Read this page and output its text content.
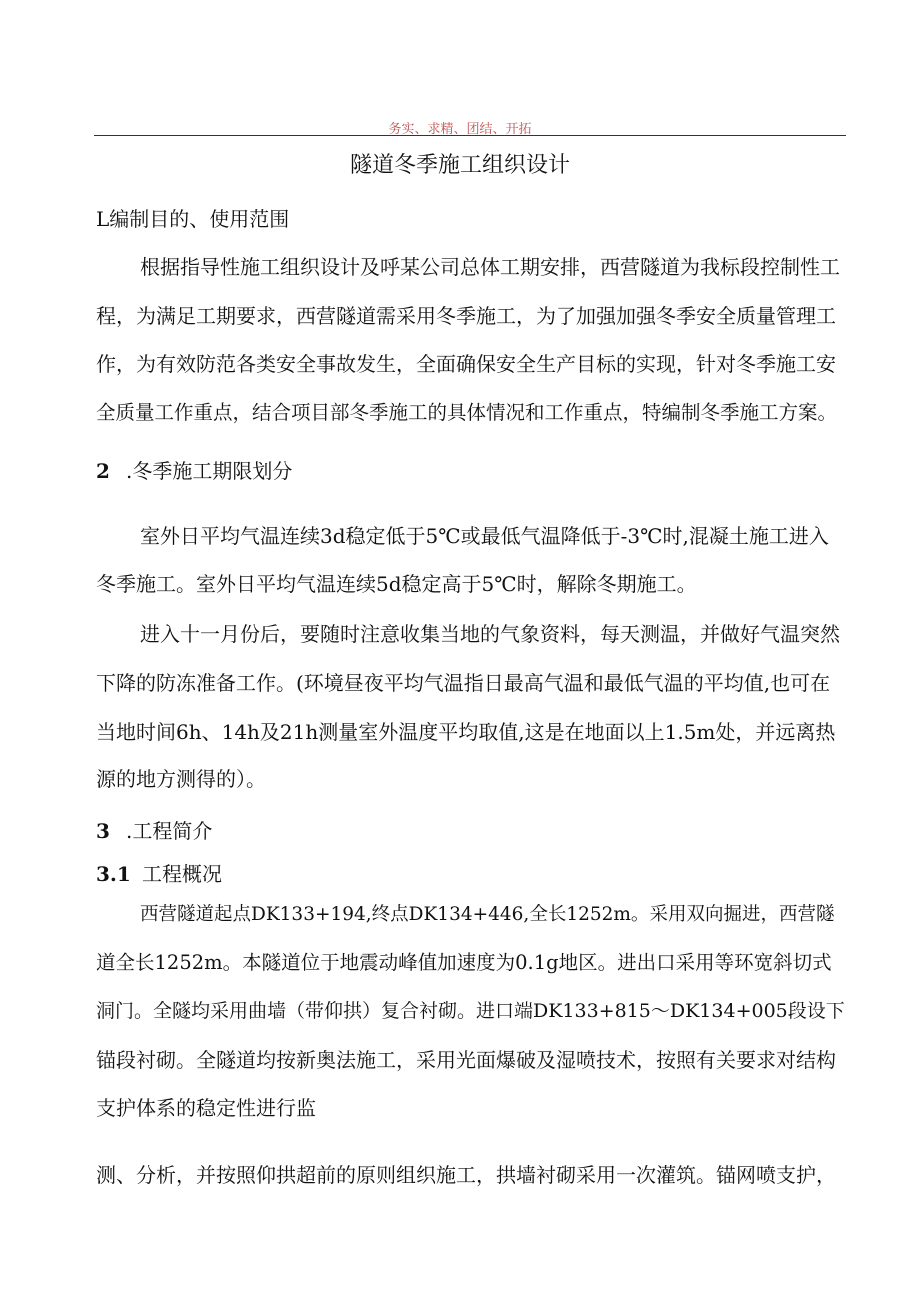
务实、求精、团结、开拓
隧道冬季施工组织设计
L编制目的、使用范围
根据指导性施工组织设计及呼某公司总体工期安排，西营隧道为我标段控制性工
程，为满足工期要求，西营隧道需采用冬季施工，为了加强加强冬季安全质量管理工
作，为有效防范各类安全事故发生，全面确保安全生产目标的实现，针对冬季施工安
全质量工作重点，结合项目部冬季施工的具体情况和工作重点，特编制冬季施工方案。
2 .冬季施工期限划分
室外日平均气温连续3d稳定低于5℃或最低气温降低于-3℃时,混凝土施工进入
冬季施工。室外日平均气温连续5d稳定高于5℃时，解除冬期施工。
进入十一月份后，要随时注意收集当地的气象资料，每天测温，并做好气温突然
下降的防冻准备工作。(环境昼夜平均气温指日最高气温和最低气温的平均值,也可在
当地时间6h、14h及21h测量室外温度平均取值,这是在地面以上1.5m处，并远离热
源的地方测得的）。
3 .工程简介
3.1 工程概况
西营隧道起点DK133+194,终点DK134+446,全长1252m。采用双向掘进，西营隧
道全长1252m。本隧道位于地震动峰值加速度为0.1g地区。进出口采用等环宽斜切式
洞门。全隧均采用曲墙（带仰拱）复合衬砌。进口端DK133+815～DK134+005段设下
锚段衬砌。全隧道均按新奥法施工，采用光面爆破及湿喷技术，按照有关要求对结构
支护体系的稳定性进行监
测、分析，并按照仰拱超前的原则组织施工，拱墙衬砌采用一次灌筑。锚网喷支护，
